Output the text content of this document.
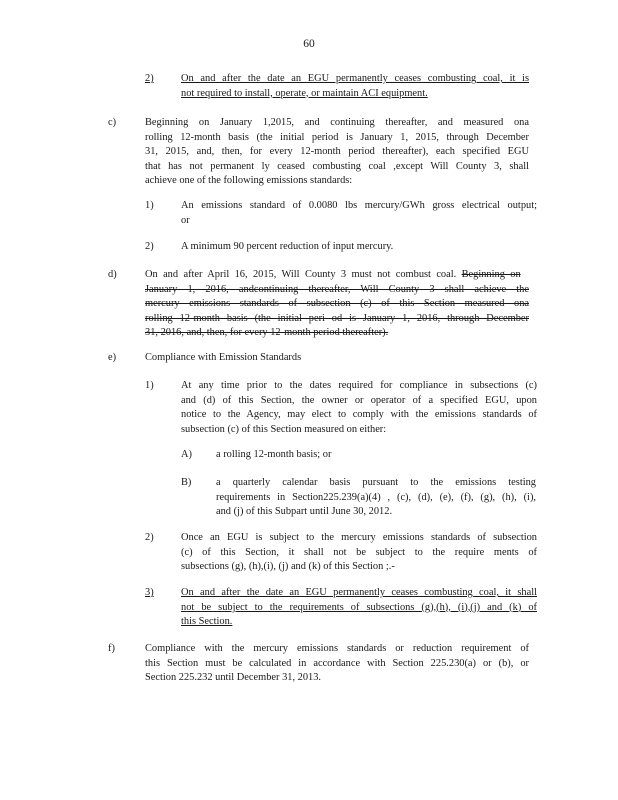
60
2)	On and after the date an EGU permanently ceases combusting coal, it is
not required to install, operate, or maintain ACI equipment.
c)	Beginning on January 1,2015, and continuing thereafter, and measured ona
rolling 12-month basis (the initial period is January 1, 2015, through December
31, 2015, and, then, for every 12-month period thereafter), each specified EGU
that has not permanent ly ceased combusting coal ,except Will County 3, shall
achieve one of the following emissions standards:
1)	An emissions standard of 0.0080 lbs mercury/GWh gross electrical output;
or
2)	A minimum 90 percent reduction of input mercury.
d)	On and after April 16, 2015, Will County 3 must not combust coal. Beginning on
January 1, 2016, andcontinuing thereafter, Will County 3 shall achieve the
mercury emissions standards of subsection (c) of this Section measured ona
rolling 12-month basis (the initial peri od is January 1, 2016, through December
31, 2016, and, then, for every 12-month period thereafter).
e)	Compliance with Emission Standards
1)	At any time prior to the dates required for compliance in subsections (c)
and (d) of this Section, the owner or operator of a specified EGU, upon
notice to the Agency, may elect to comply with the emissions standards of
subsection (c) of this Section measured on either:
A) a rolling 12-month basis; or
B) a quarterly calendar basis pursuant to the emissions testing
requirements in Section225.239(a)(4) , (c), (d), (e), (f), (g), (h), (i),
and (j) of this Subpart until June 30, 2012.
2)	Once an EGU is subject to the mercury emissions standards of subsection
(c) of this Section, it shall not be subject to the require ments of
subsections (g), (h),(i), (j) and (k) of this Section ;.-
3)	On and after the date an EGU permanently ceases combusting coal, it shall
not be subject to the requirements of subsections (g),(h), (i),(j) and (k) of
this Section.
f)	Compliance with the mercury emissions standards or reduction requirement of
this Section must be calculated in accordance with Section 225.230(a) or (b), or
Section 225.232 until December 31, 2013.
